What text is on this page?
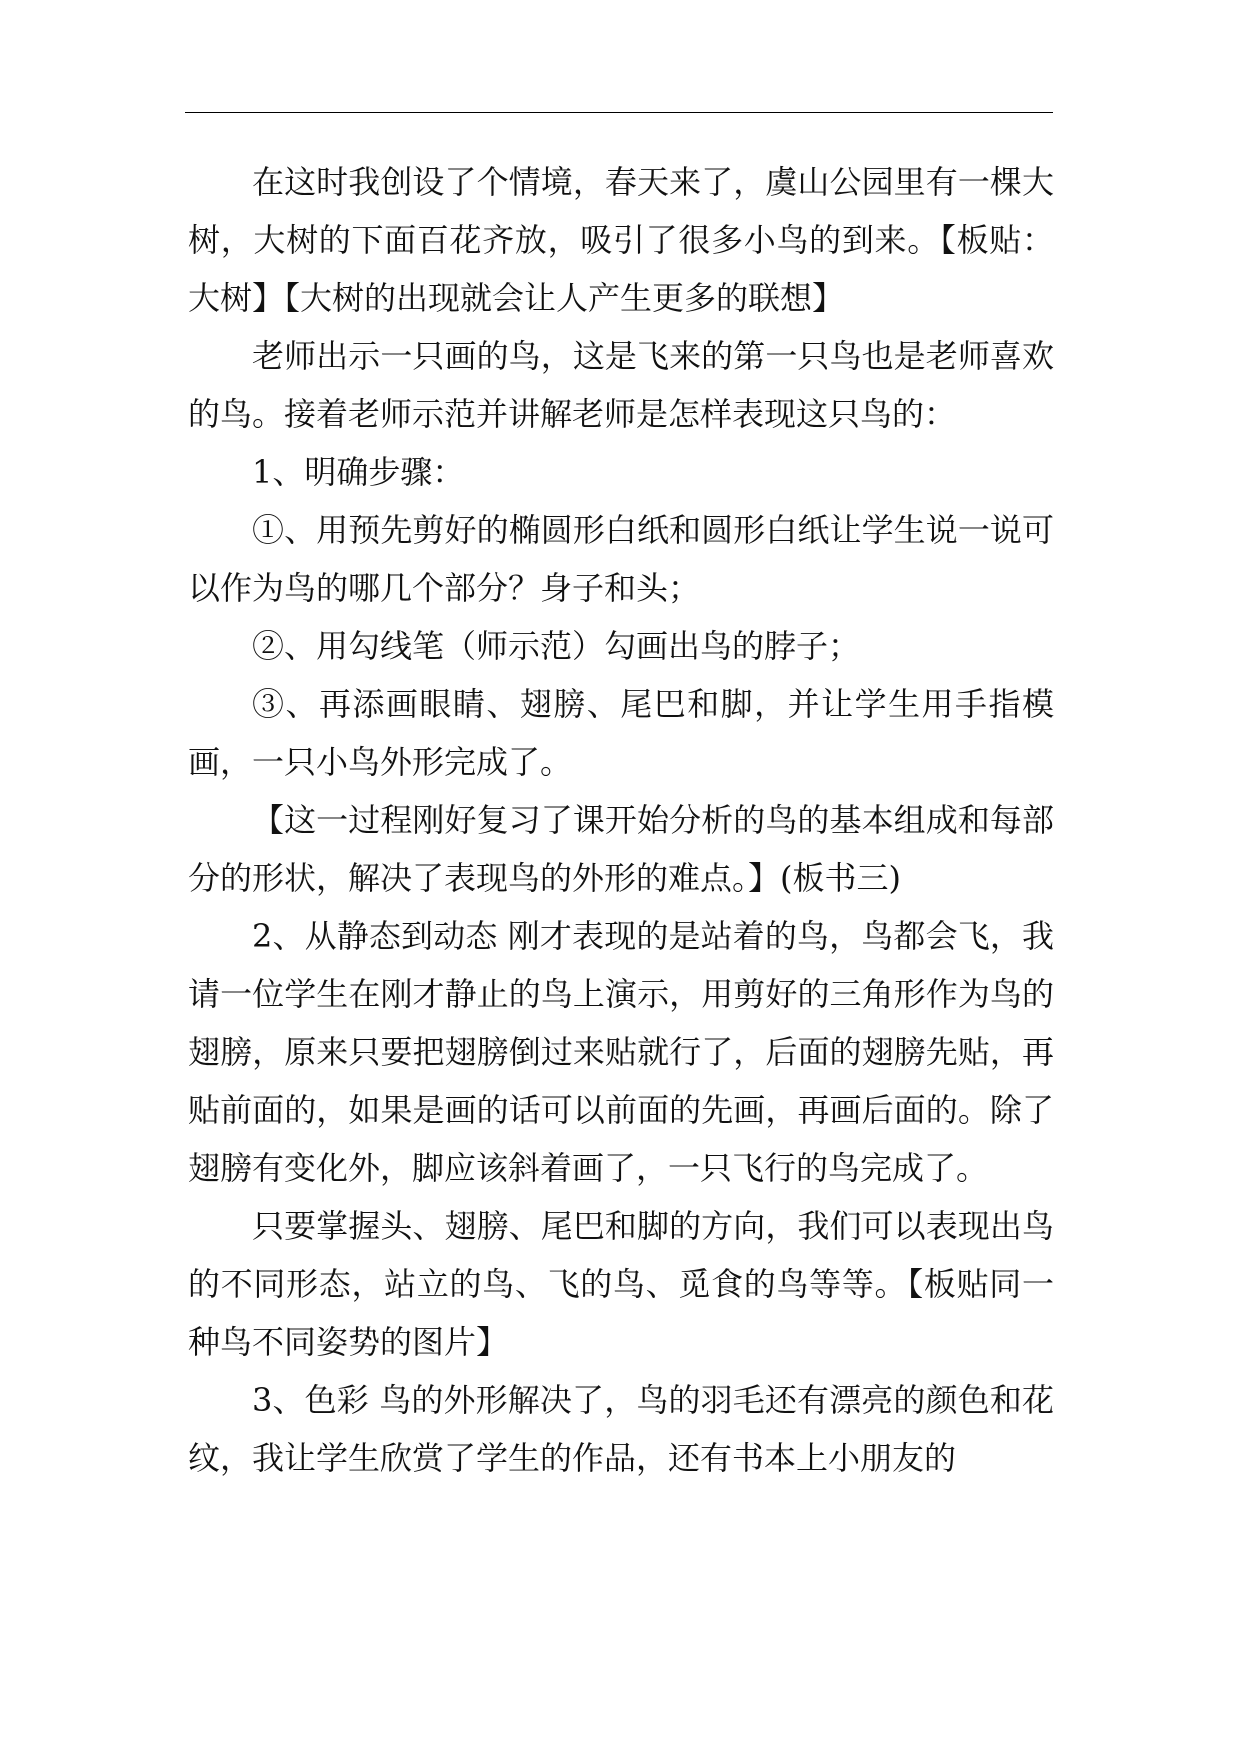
在这时我创设了个情境，春天来了，虞山公园里有一棵大树，大树的下面百花齐放，吸引了很多小鸟的到来。【板贴：大树】【大树的出现就会让人产生更多的联想】

老师出示一只画的鸟，这是飞来的第一只鸟也是老师喜欢的鸟。接着老师示范并讲解老师是怎样表现这只鸟的：

1、明确步骤：

①、用预先剪好的椭圆形白纸和圆形白纸让学生说一说可以作为鸟的哪几个部分？身子和头；

②、用勾线笔（师示范）勾画出鸟的脖子；

③、再添画眼睛、翅膀、尾巴和脚，并让学生用手指模画，一只小鸟外形完成了。

【这一过程刚好复习了课开始分析的鸟的基本组成和每部分的形状，解决了表现鸟的外形的难点。】(板书三)

2、从静态到动态 刚才表现的是站着的鸟，鸟都会飞，我请一位学生在刚才静止的鸟上演示，用剪好的三角形作为鸟的翅膀，原来只要把翅膀倒过来贴就行了，后面的翅膀先贴，再贴前面的，如果是画的话可以前面的先画，再画后面的。除了翅膀有变化外，脚应该斜着画了，一只飞行的鸟完成了。

只要掌握头、翅膀、尾巴和脚的方向，我们可以表现出鸟的不同形态，站立的鸟、飞的鸟、觅食的鸟等等。【板贴同一种鸟不同姿势的图片】

3、色彩 鸟的外形解决了，鸟的羽毛还有漂亮的颜色和花纹，我让学生欣赏了学生的作品，还有书本上小朋友的
